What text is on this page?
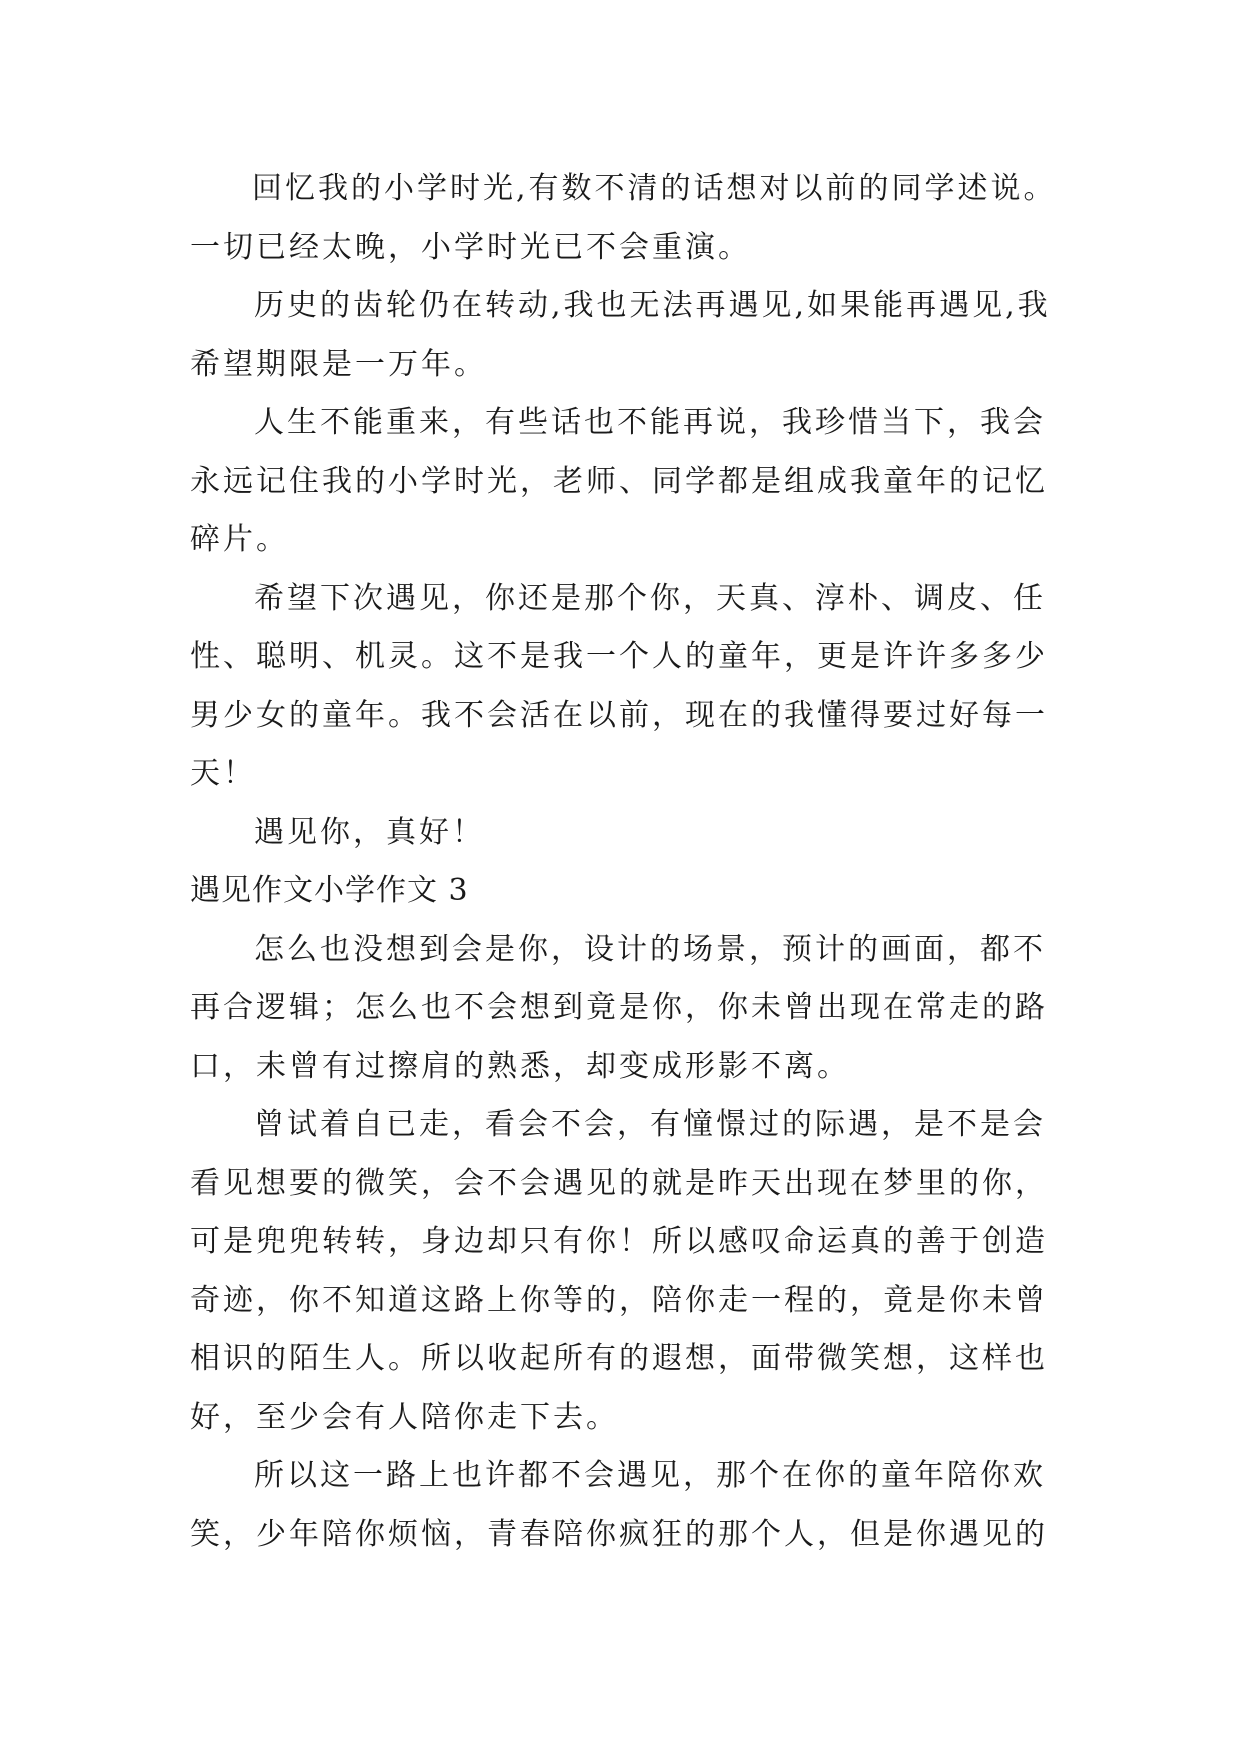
回忆我的小学时光,有数不清的话想对以前的同学述说。一切已经太晚，小学时光已不会重演。

历史的齿轮仍在转动,我也无法再遇见,如果能再遇见,我希望期限是一万年。

人生不能重来，有些话也不能再说，我珍惜当下，我会永远记住我的小学时光，老师、同学都是组成我童年的记忆碎片。

希望下次遇见，你还是那个你，天真、淳朴、调皮、任性、聪明、机灵。这不是我一个人的童年，更是许许多多少男少女的童年。我不会活在以前，现在的我懂得要过好每一天！

遇见你，真好！

遇见作文小学作文 3

怎么也没想到会是你，设计的场景，预计的画面，都不再合逻辑；怎么也不会想到竟是你，你未曾出现在常走的路口，未曾有过擦肩的熟悉，却变成形影不离。

曾试着自已走，看会不会，有憧憬过的际遇，是不是会看见想要的微笑，会不会遇见的就是昨天出现在梦里的你，可是兜兜转转，身边却只有你！所以感叹命运真的善于创造奇迹，你不知道这路上你等的，陪你走一程的，竟是你未曾相识的陌生人。所以收起所有的遐想，面带微笑想，这样也好，至少会有人陪你走下去。

所以这一路上也许都不会遇见，那个在你的童年陪你欢笑，少年陪你烦恼，青春陪你疯狂的那个人，但是你遇见的
